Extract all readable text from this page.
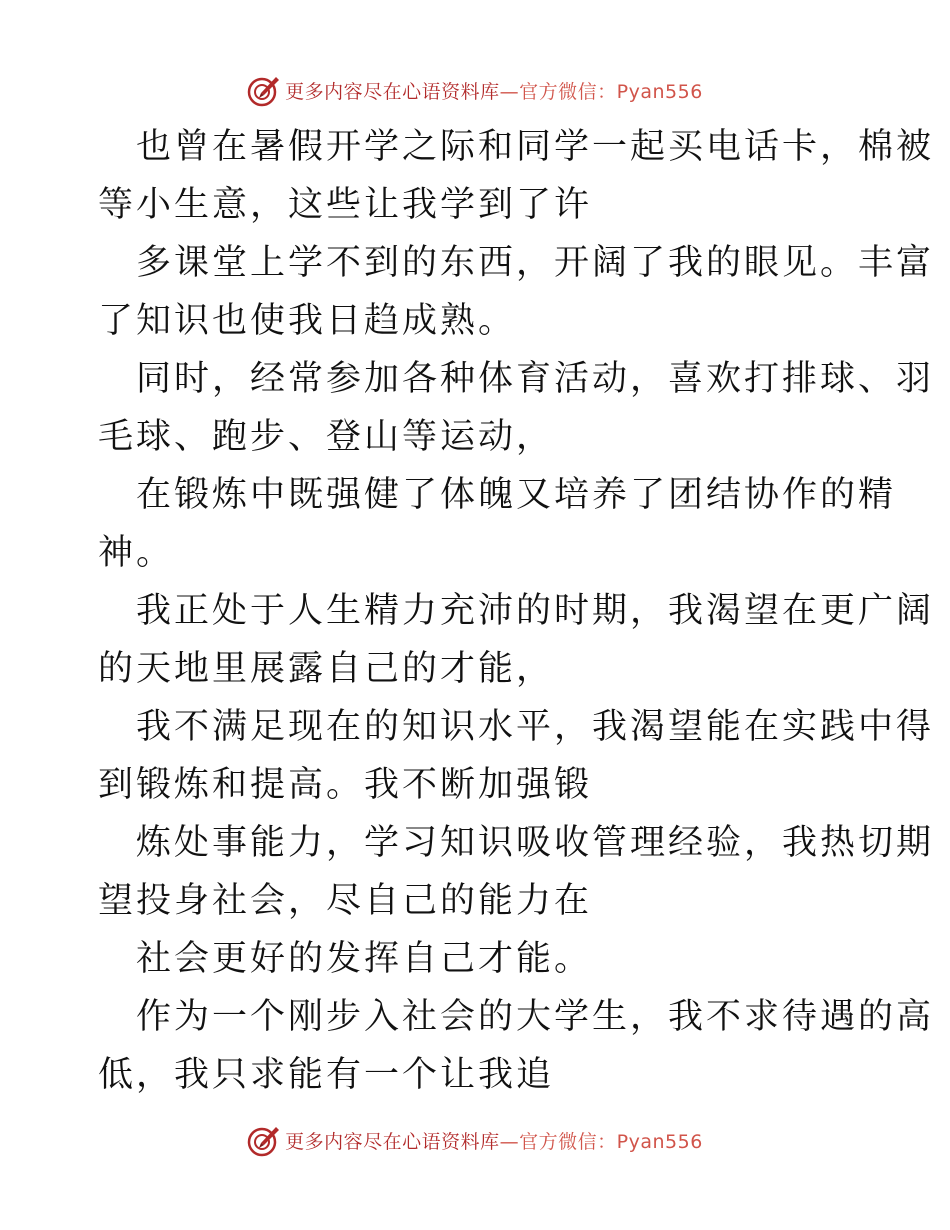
更多内容尽在心语资料库—官方微信：Pyan556
也曾在暑假开学之际和同学一起买电话卡，棉被
等小生意，这些让我学到了许
多课堂上学不到的东西，开阔了我的眼见。丰富
了知识也使我日趋成熟。
同时，经常参加各种体育活动，喜欢打排球、羽
毛球、跑步、登山等运动，
在锻炼中既强健了体魄又培养了团结协作的精
神。
我正处于人生精力充沛的时期，我渴望在更广阔
的天地里展露自己的才能，
我不满足现在的知识水平，我渴望能在实践中得
到锻炼和提高。我不断加强锻
炼处事能力，学习知识吸收管理经验，我热切期
望投身社会，尽自己的能力在
社会更好的发挥自己才能。
作为一个刚步入社会的大学生，我不求待遇的高
低，我只求能有一个让我追
更多内容尽在心语资料库—官方微信：Pyan556
